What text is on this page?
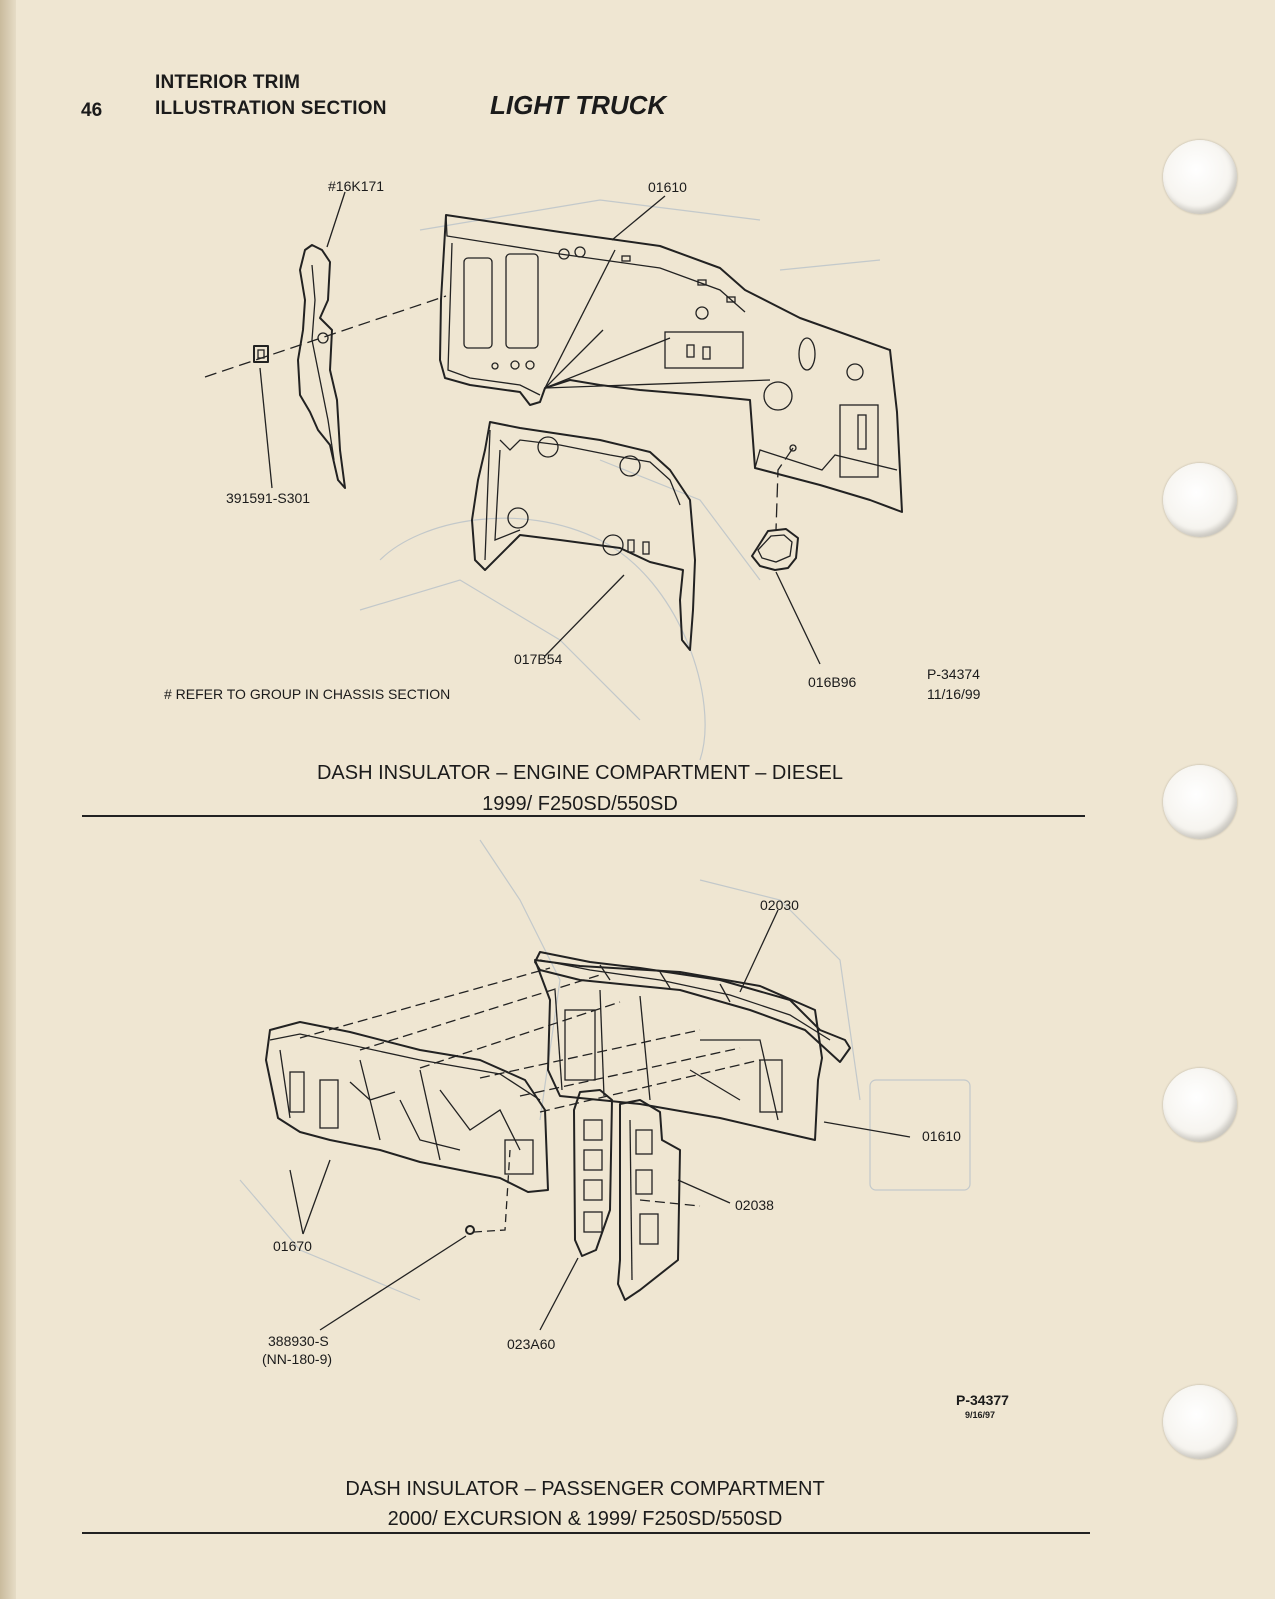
46
INTERIOR TRIM
ILLUSTRATION SECTION	LIGHT TRUCK
#16K171	01610
391591-S301
017B54
016B96
# REFER TO GROUP IN CHASSIS SECTION
P-34374
11/16/99
DASH INSULATOR – ENGINE COMPARTMENT – DIESEL
1999/ F250SD/550SD
02030
01610
02038
01670
388930-S
(NN-180-9)
023A60
P-34377
9/16/97
DASH INSULATOR – PASSENGER COMPARTMENT
2000/ EXCURSION & 1999/ F250SD/550SD
